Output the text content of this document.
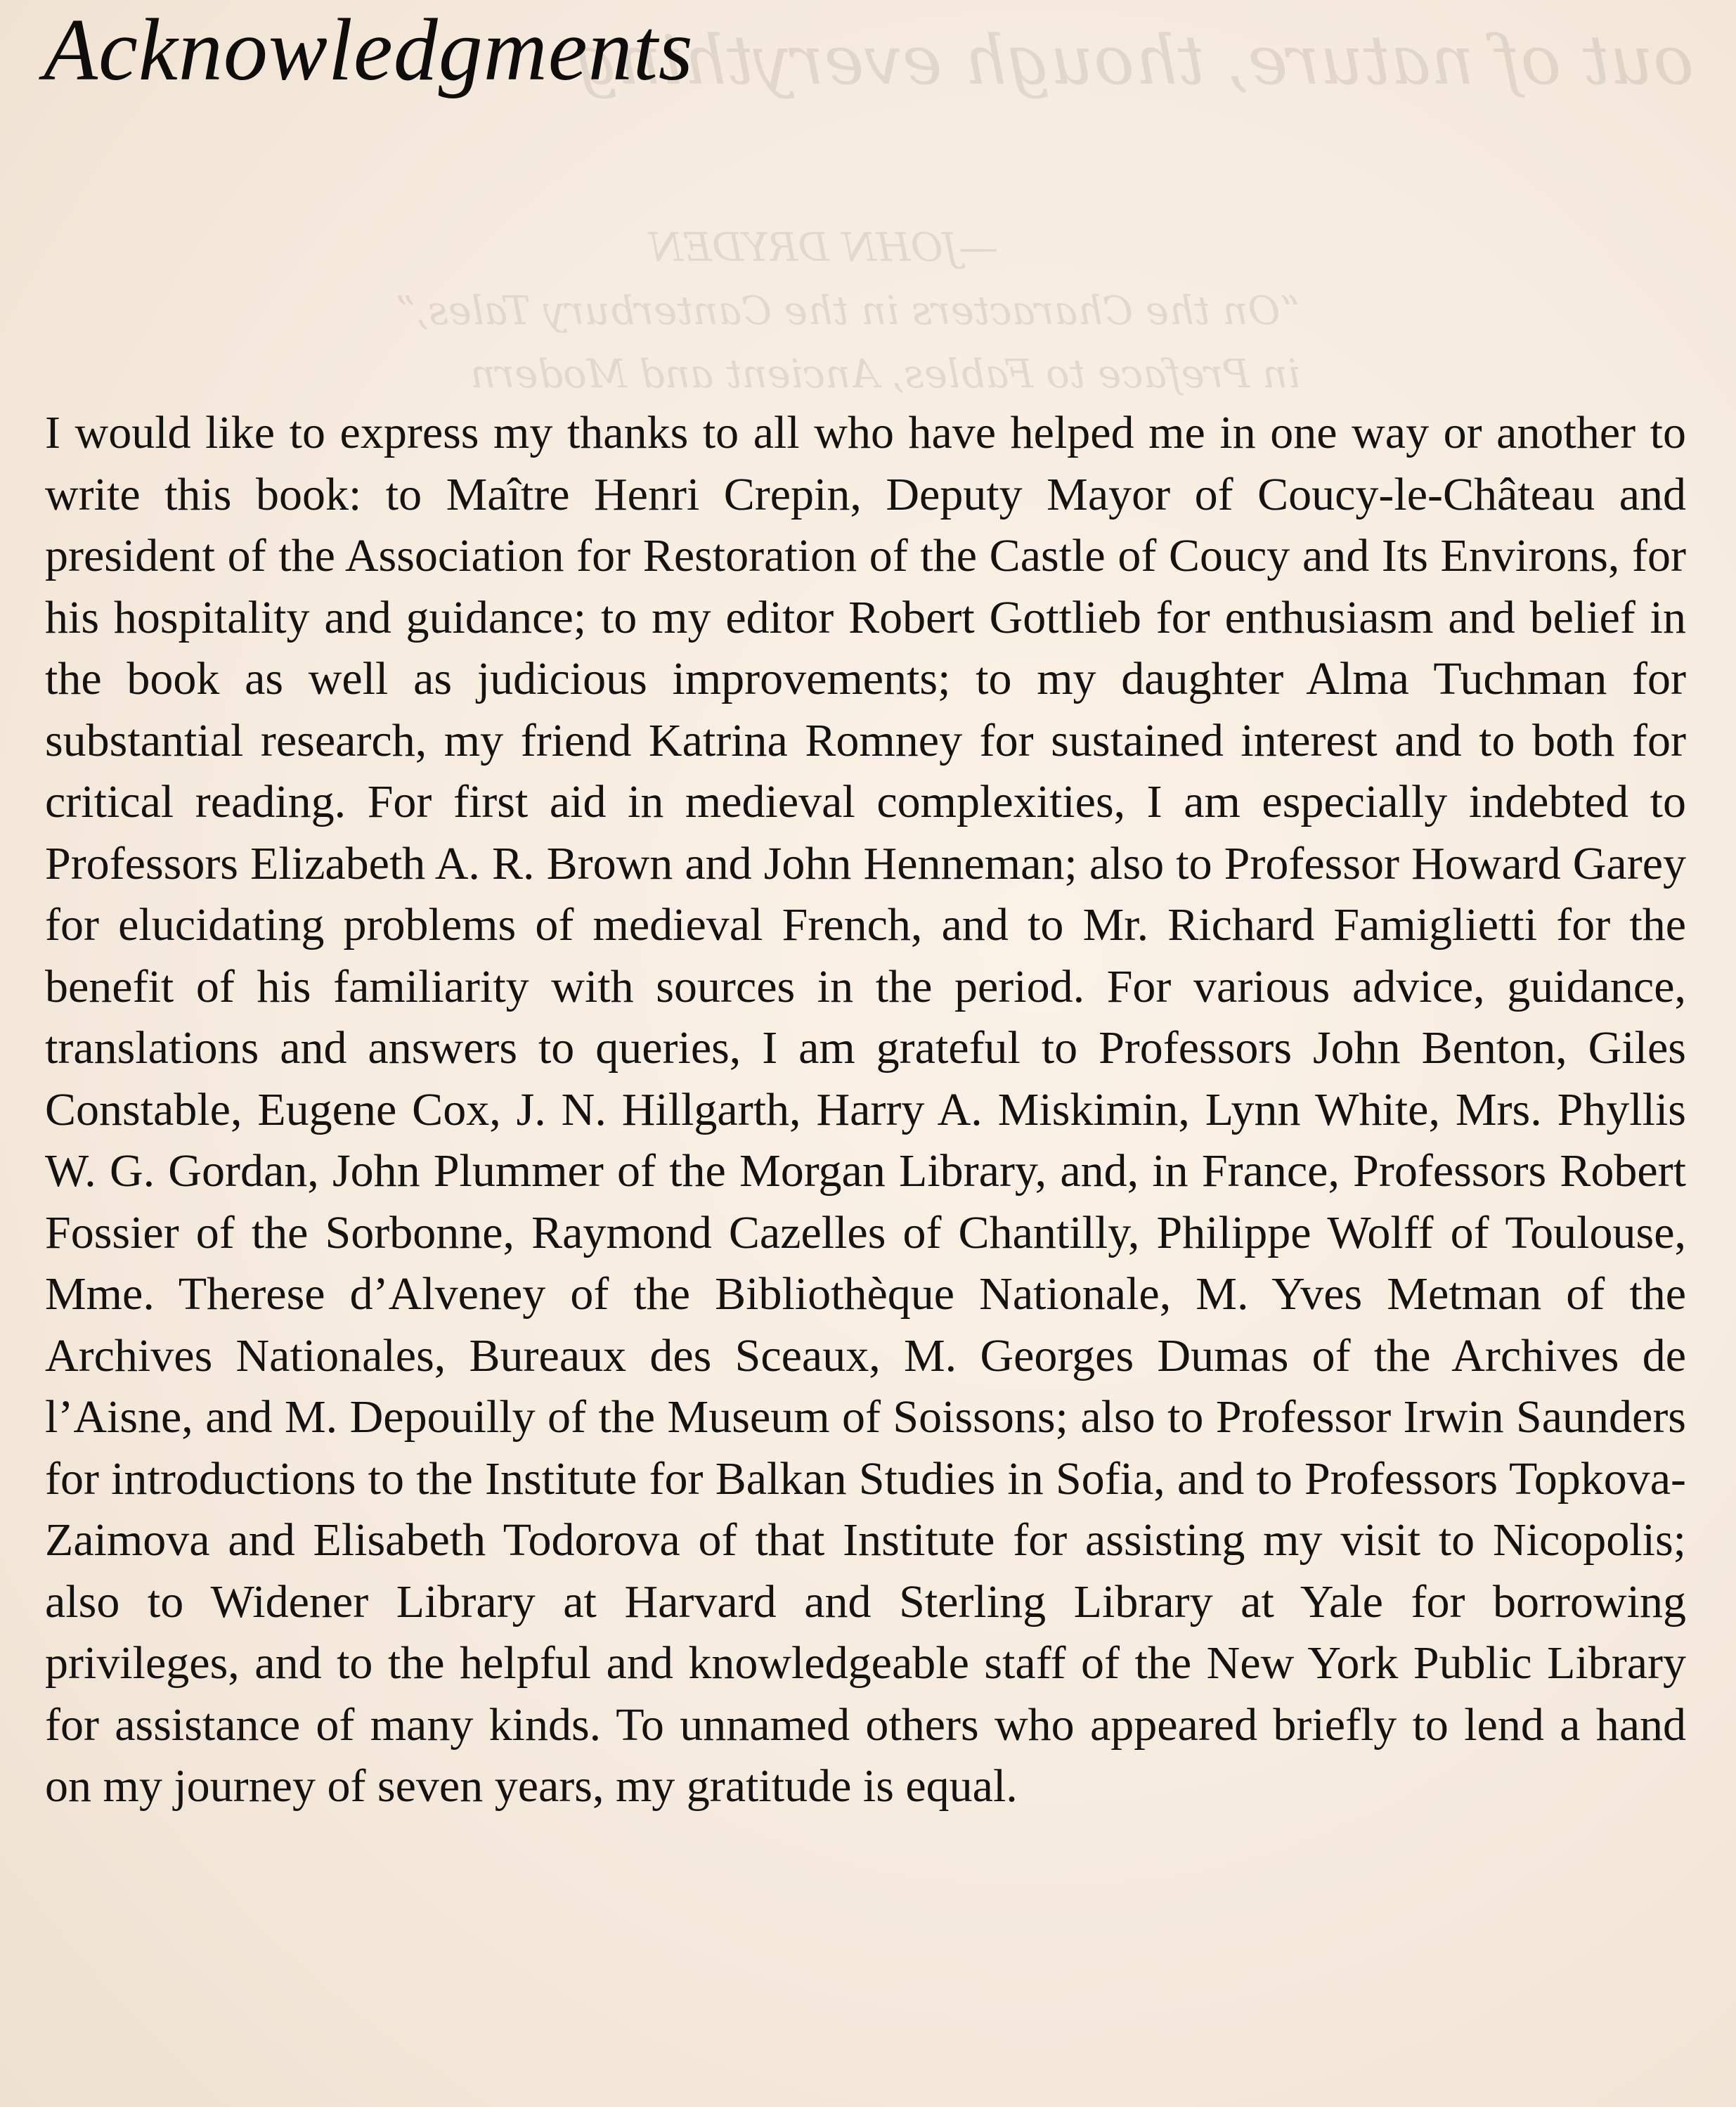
out of nature, though everything
—JOHN DRYDEN
“On the Characters in the Canterbury Tales,”
in Preface to Fables, Ancient and Modern
Acknowledgments

I would like to express my thanks to all who have helped me in one way or another to write this book: to Maître Henri Crepin, Deputy Mayor of Coucy-le-Château and president of the Association for Restoration of the Castle of Coucy and Its Environs, for his hospitality and guidance; to my editor Robert Gottlieb for enthusiasm and belief in the book as well as judicious improvements; to my daughter Alma Tuchman for substantial research, my friend Katrina Romney for sustained interest and to both for critical reading. For first aid in medieval complexities, I am especially indebted to Professors Elizabeth A. R. Brown and John Henneman; also to Professor Howard Garey for elucidating problems of medieval French, and to Mr. Richard Famiglietti for the benefit of his familiarity with sources in the period. For various advice, guidance, translations and answers to queries, I am grateful to Professors John Benton, Giles Constable, Eugene Cox, J. N. Hillgarth, Harry A. Miskimin, Lynn White, Mrs. Phyllis W. G. Gordan, John Plummer of the Morgan Library, and, in France, Professors Robert Fossier of the Sorbonne, Raymond Cazelles of Chantilly, Philippe Wolff of Toulouse, Mme. Therese d’Alveney of the Bibliothèque Nationale, M. Yves Metman of the Archives Nationales, Bureaux des Sceaux, M. Georges Dumas of the Archives de l’Aisne, and M. Depouilly of the Museum of Soissons; also to Professor Irwin Saunders for introductions to the Institute for Balkan Studies in Sofia, and to Professors Topkova-Zaimova and Elisabeth Todorova of that Institute for assisting my visit to Nicopolis; also to Widener Library at Harvard and Sterling Library at Yale for borrowing privileges, and to the helpful and knowledgeable staff of the New York Public Library for assistance of many kinds. To unnamed others who appeared briefly to lend a hand on my journey of seven years, my gratitude is equal.
